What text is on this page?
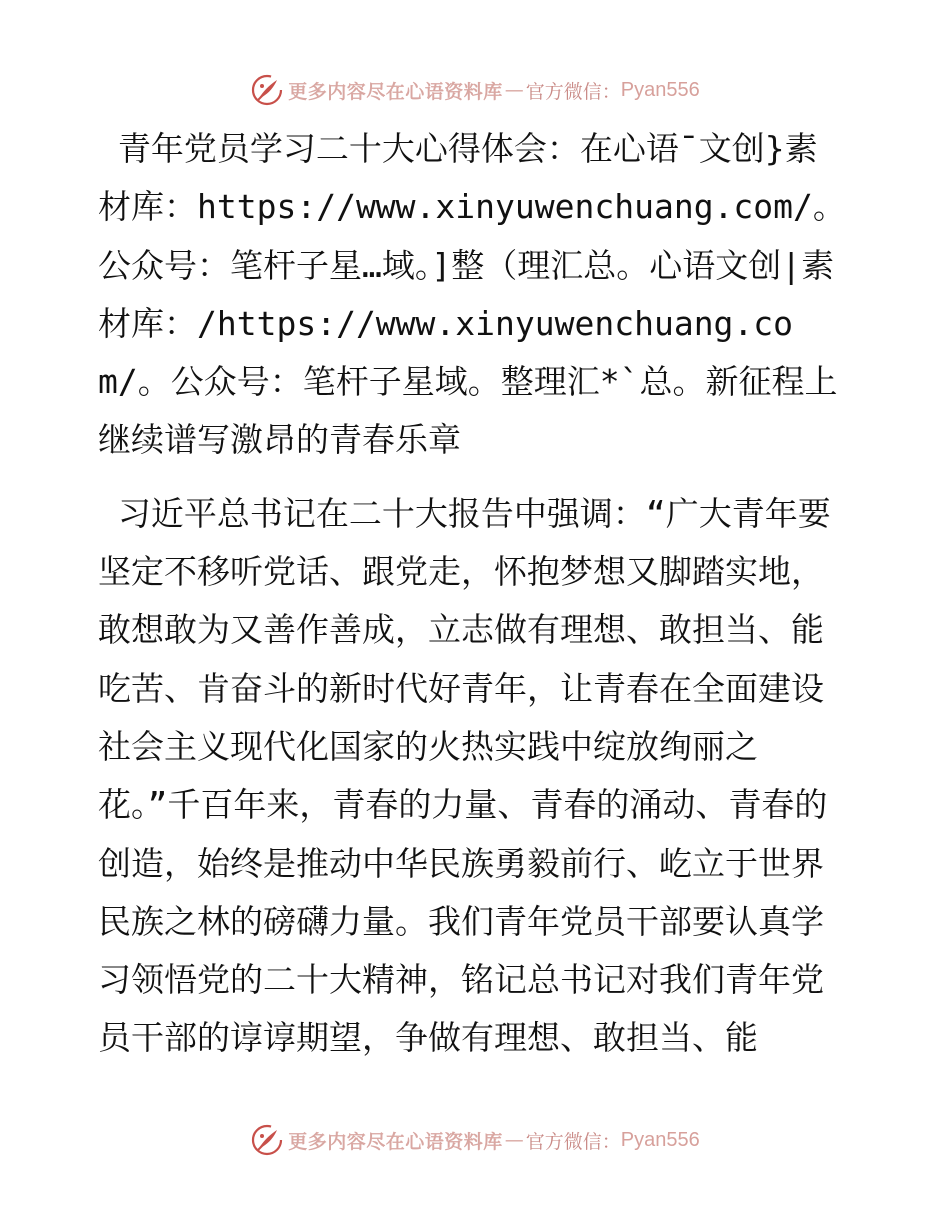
更多内容尽在心语资料库 — 官方微信： Pyan556

青年党员学习二十大心得体会：在心语¯文创}素材库：https://www.xinyuwenchuang.com/。公众号：笔杆子星…域。]整（理汇总。心语文创|素材库：/https://www.xinyuwenchuang.com/。公众号：笔杆子星域。整理汇*`总。新征程上继续谱写激昂的青春乐章

习近平总书记在二十大报告中强调：“广大青年要坚定不移听党话、跟党走，怀抱梦想又脚踏实地，敢想敢为又善作善成，立志做有理想、敢担当、能吃苦、肯奋斗的新时代好青年，让青春在全面建设社会主义现代化国家的火热实践中绽放绚丽之花。”千百年来，青春的力量、青春的涌动、青春的创造，始终是推动中华民族勇毅前行、屹立于世界民族之林的磅礴力量。我们青年党员干部要认真学习领悟党的二十大精神，铭记总书记对我们青年党员干部的谆谆期望，争做有理想、敢担当、能

更多内容尽在心语资料库 — 官方微信： Pyan556
